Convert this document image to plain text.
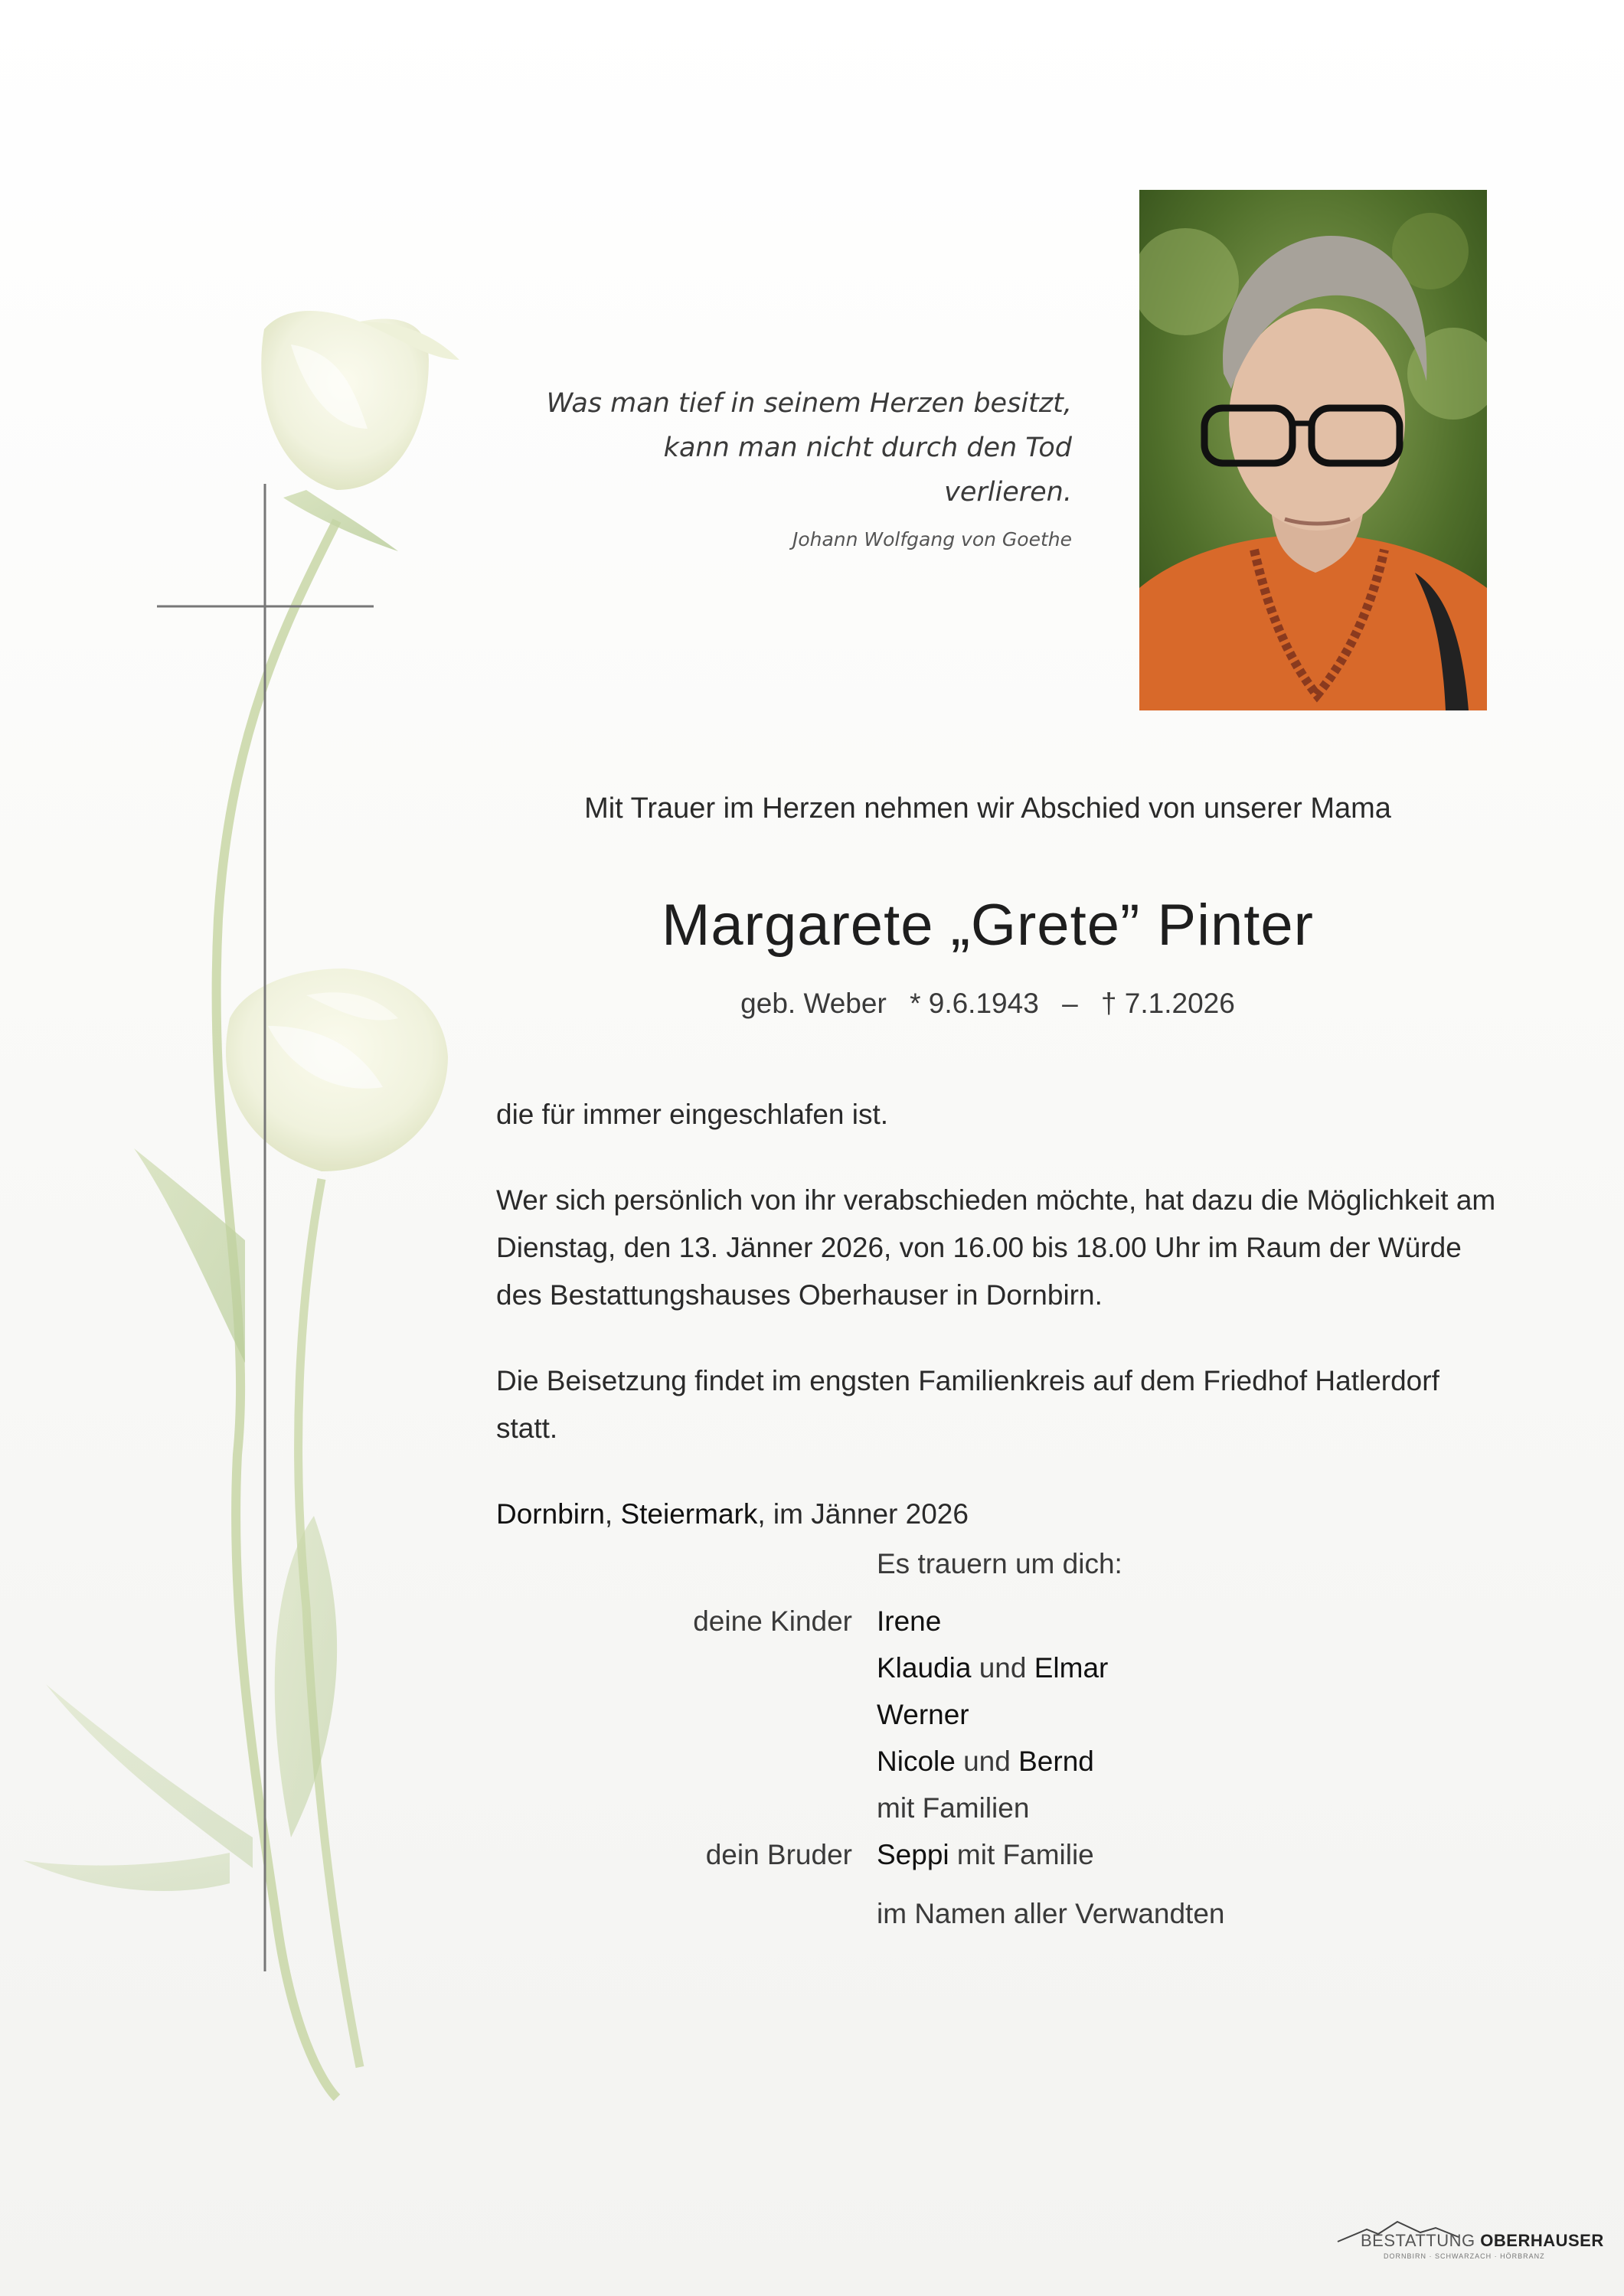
Was man tief in seinem Herzen besitzt,
kann man nicht durch den Tod verlieren.
Johann Wolfgang von Goethe
Mit Trauer im Herzen nehmen wir Abschied von unserer Mama
Margarete „Grete” Pinter
geb. Weber * 9.6.1943 – † 7.1.2026

die für immer eingeschlafen ist.

Wer sich persönlich von ihr verabschieden möchte, hat dazu die Möglichkeit am Dienstag, den 13. Jänner 2026, von 16.00 bis 18.00 Uhr im Raum der Würde des Bestattungshauses Oberhauser in Dornbirn.

Die Beisetzung findet im engsten Familienkreis auf dem Friedhof Hatlerdorf statt.

Dornbirn, Steiermark, im Jänner 2026

Es trauern um dich:
deine Kinder Irene
Klaudia und Elmar
Werner
Nicole und Bernd
mit Familien
dein Bruder Seppi mit Familie
im Namen aller Verwandten
BESTATTUNG OBERHAUSER
DORNBIRN · SCHWARZACH · HÖRBRANZ
